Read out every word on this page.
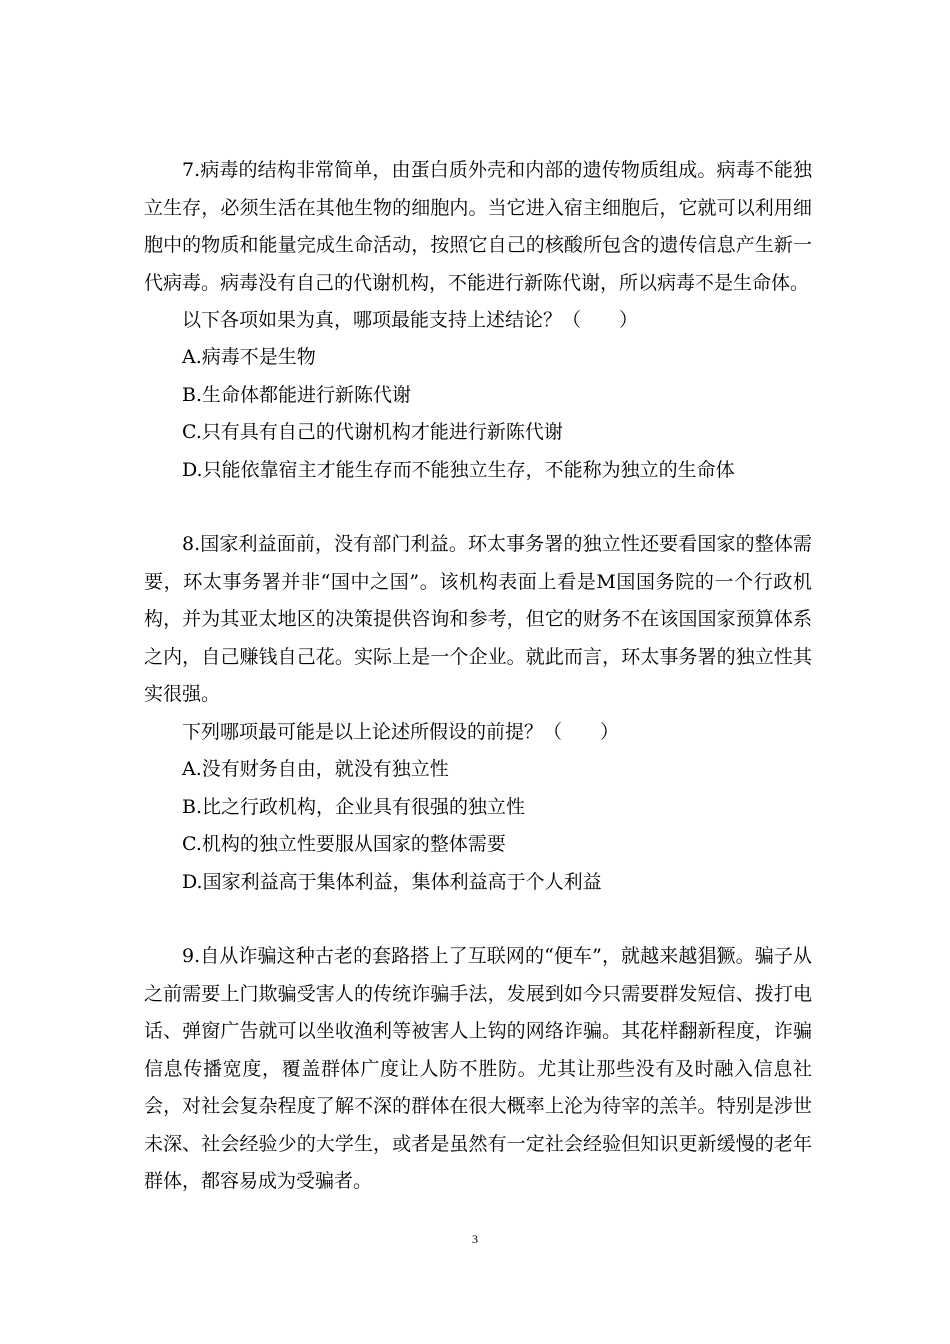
7.病毒的结构非常简单，由蛋白质外壳和内部的遗传物质组成。病毒不能独立生存，必须生活在其他生物的细胞内。当它进入宿主细胞后，它就可以利用细胞中的物质和能量完成生命活动，按照它自己的核酸所包含的遗传信息产生新一代病毒。病毒没有自己的代谢机构，不能进行新陈代谢，所以病毒不是生命体。

以下各项如果为真，哪项最能支持上述结论？（　　）

A.病毒不是生物

B.生命体都能进行新陈代谢

C.只有具有自己的代谢机构才能进行新陈代谢

D.只能依靠宿主才能生存而不能独立生存，不能称为独立的生命体

8.国家利益面前，没有部门利益。环太事务署的独立性还要看国家的整体需要，环太事务署并非“国中之国”。该机构表面上看是M国国务院的一个行政机构，并为其亚太地区的决策提供咨询和参考，但它的财务不在该国国家预算体系之内，自己赚钱自己花。实际上是一个企业。就此而言，环太事务署的独立性其实很强。

下列哪项最可能是以上论述所假设的前提？（　　）

A.没有财务自由，就没有独立性

B.比之行政机构，企业具有很强的独立性

C.机构的独立性要服从国家的整体需要

D.国家利益高于集体利益，集体利益高于个人利益

9.自从诈骗这种古老的套路搭上了互联网的“便车”，就越来越猖獗。骗子从之前需要上门欺骗受害人的传统诈骗手法，发展到如今只需要群发短信、拨打电话、弹窗广告就可以坐收渔利等被害人上钩的网络诈骗。其花样翻新程度，诈骗信息传播宽度，覆盖群体广度让人防不胜防。尤其让那些没有及时融入信息社会，对社会复杂程度了解不深的群体在很大概率上沦为待宰的羔羊。特别是涉世未深、社会经验少的大学生，或者是虽然有一定社会经验但知识更新缓慢的老年群体，都容易成为受骗者。

3
